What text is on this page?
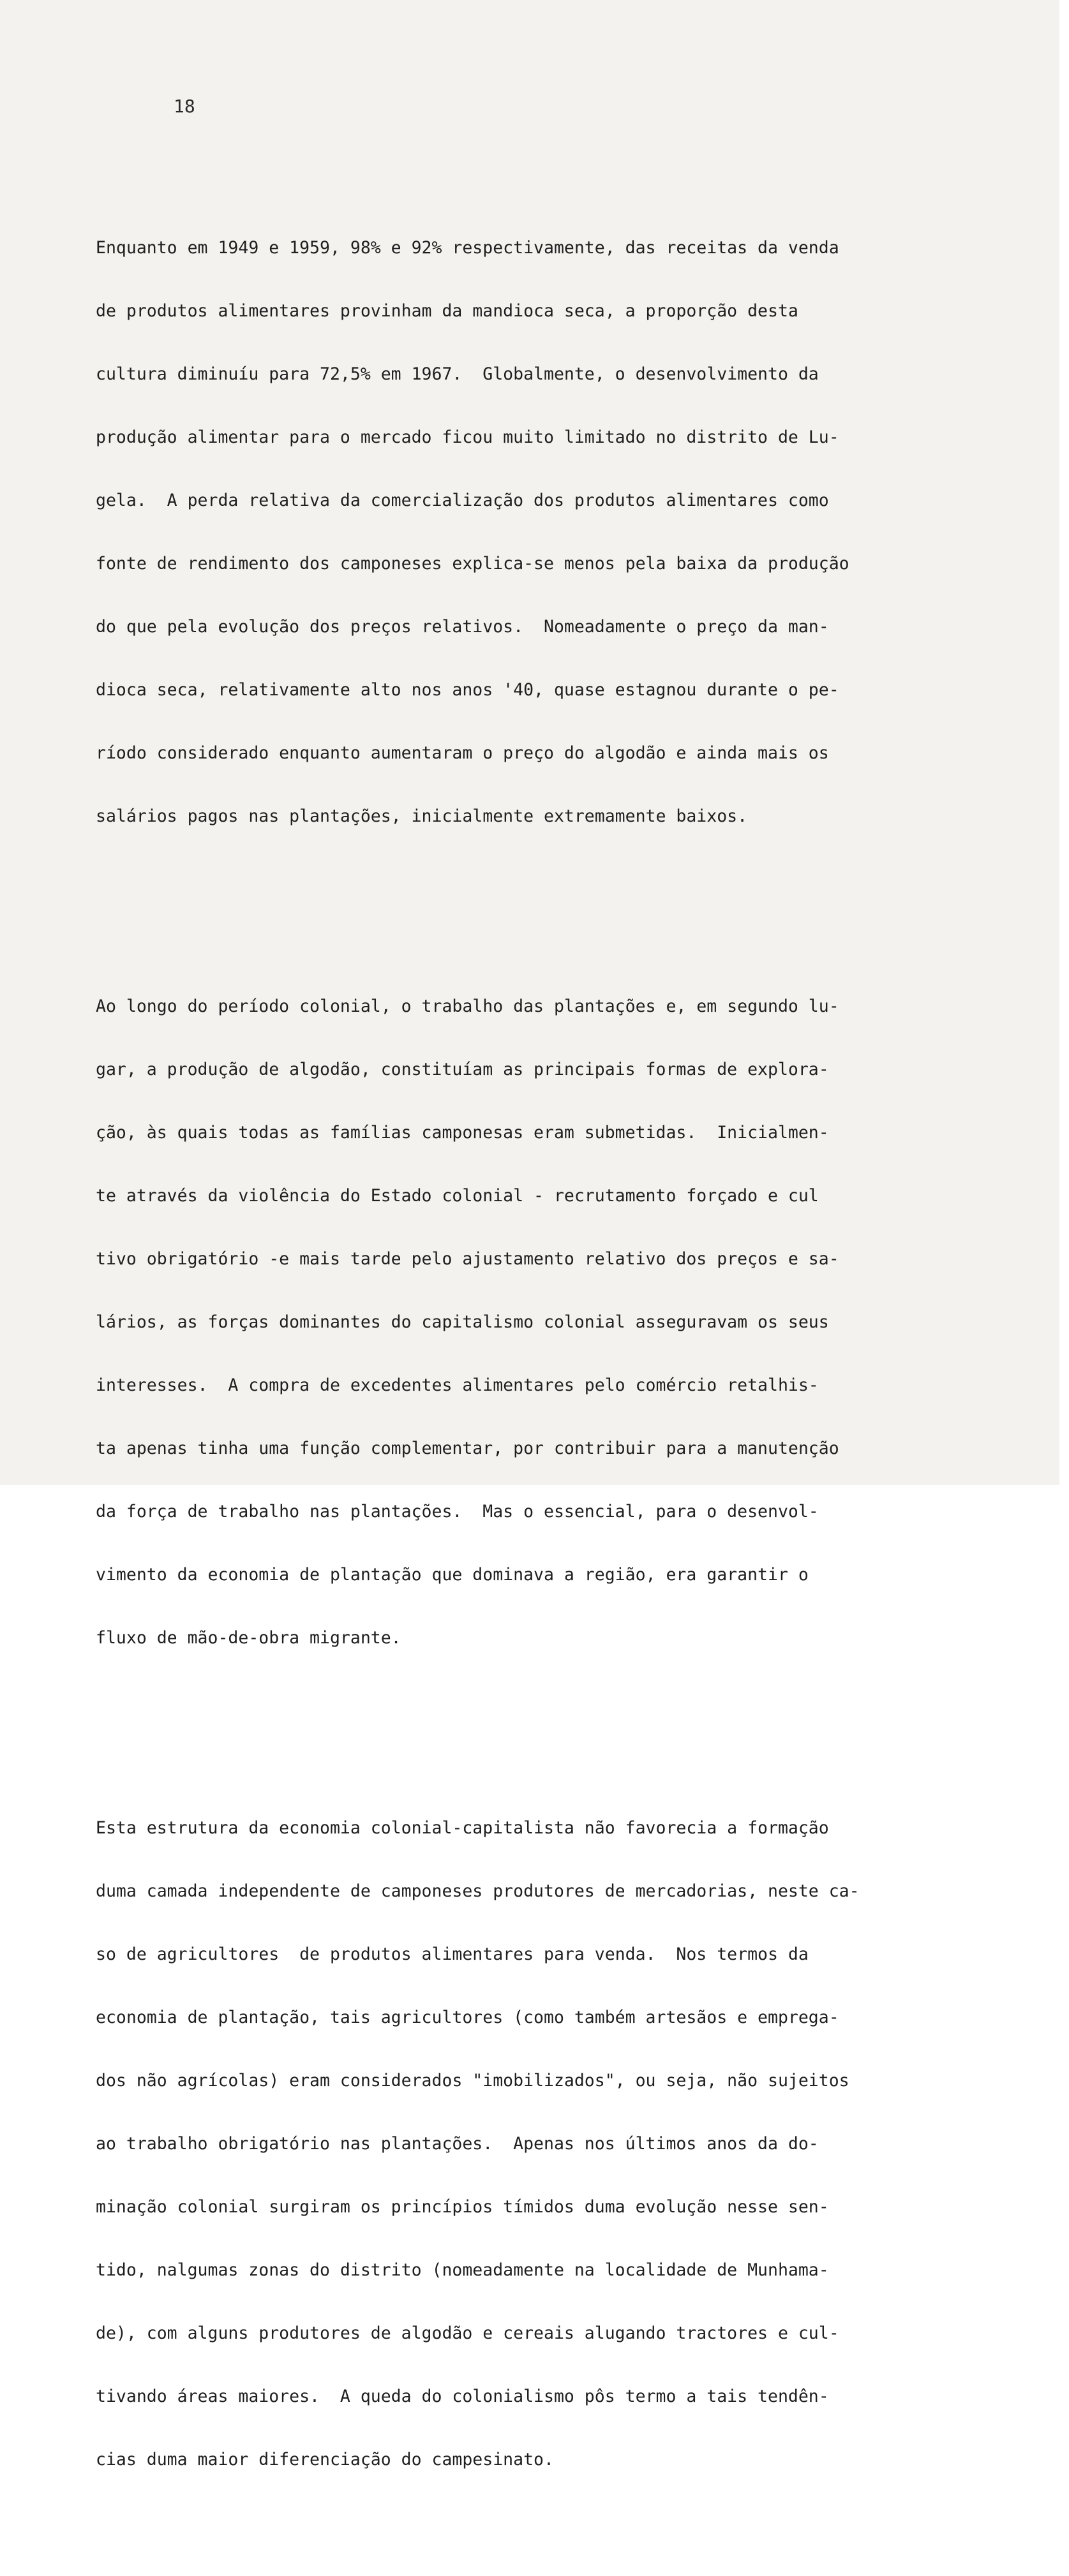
18

Enquanto em 1949 e 1959, 98% e 92% respectivamente, das receitas da venda

de produtos alimentares provinham da mandioca seca, a proporção desta

cultura diminuíu para 72,5% em 1967.  Globalmente, o desenvolvimento da

produção alimentar para o mercado ficou muito limitado no distrito de Lu-

gela.  A perda relativa da comercialização dos produtos alimentares como

fonte de rendimento dos camponeses explica-se menos pela baixa da produção

do que pela evolução dos preços relativos.  Nomeadamente o preço da man-

dioca seca, relativamente alto nos anos '40, quase estagnou durante o pe-

ríodo considerado enquanto aumentaram o preço do algodão e ainda mais os

salários pagos nas plantações, inicialmente extremamente baixos.

Ao longo do período colonial, o trabalho das plantações e, em segundo lu-

gar, a produção de algodão, constituíam as principais formas de explora-

ção, às quais todas as famílias camponesas eram submetidas.  Inicialmen-

te através da violência do Estado colonial - recrutamento forçado e cul

tivo obrigatório -e mais tarde pelo ajustamento relativo dos preços e sa-

lários, as forças dominantes do capitalismo colonial asseguravam os seus

interesses.  A compra de excedentes alimentares pelo comércio retalhis-

ta apenas tinha uma função complementar, por contribuir para a manutenção

da força de trabalho nas plantações.  Mas o essencial, para o desenvol-

vimento da economia de plantação que dominava a região, era garantir o

fluxo de mão-de-obra migrante.

Esta estrutura da economia colonial-capitalista não favorecia a formação

duma camada independente de camponeses produtores de mercadorias, neste ca-

so de agricultores  de produtos alimentares para venda.  Nos termos da

economia de plantação, tais agricultores (como também artesãos e emprega-

dos não agrícolas) eram considerados "imobilizados", ou seja, não sujeitos

ao trabalho obrigatório nas plantações.  Apenas nos últimos anos da do-

minação colonial surgiram os princípios tímidos duma evolução nesse sen-

tido, nalgumas zonas do distrito (nomeadamente na localidade de Munhama-

de), com alguns produtores de algodão e cereais alugando tractores e cul-

tivando áreas maiores.  A queda do colonialismo pôs termo a tais tendên-

cias duma maior diferenciação do campesinato.
